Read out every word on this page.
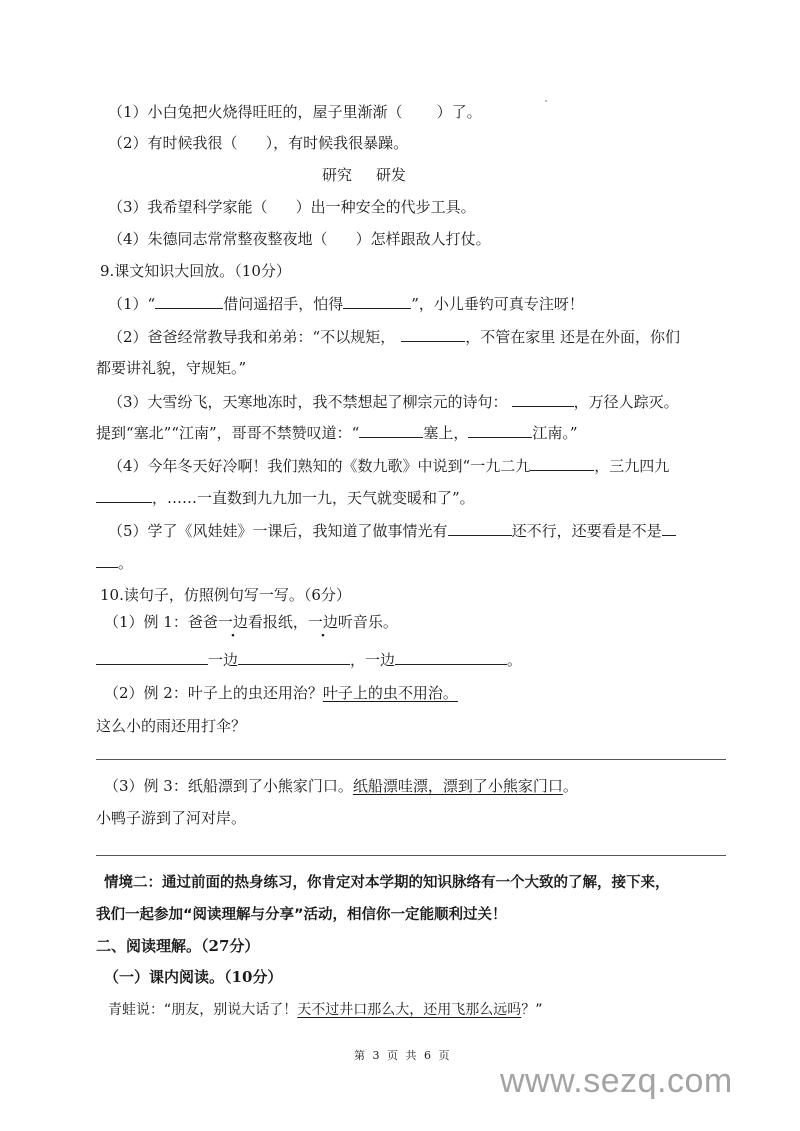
（1）小白兔把火烧得旺旺的，屋子里渐渐（ ）了。
（2）有时候我很（ ），有时候我很暴躁。
研究 研发
（3）我希望科学家能（ ）出一种安全的代步工具。
（4）朱德同志常常整夜整夜地（ ）怎样跟敌人打仗。
9.课文知识大回放。（10分）
（1）“	借问遥招手，怕得	”，小儿垂钓可真专注呀！
（2）爸爸经常教导我和弟弟：“不以规矩，	，不管在家里 还是在外面，你们
都要讲礼貌，守规矩。”
（3）大雪纷飞，天寒地冻时，我不禁想起了柳宗元的诗句：	，万径人踪灭。
提到“塞北”“江南”，哥哥不禁赞叹道：“	塞上，	江南。”
（4）今年冬天好冷啊！我们熟知的《数九歌》中说到“一九二九	，三九四九
，……一直数到九九加一九，天气就变暖和了”。
（5）学了《风娃娃》一课后，我知道了做事情光有	还不行，还要看是不是
。
10.读句子，仿照例句写一写。（6分）
（1）例 1：爸爸一边看报纸，一边听音乐。
一边	，一边	。
（2）例 2：叶子上的虫还用治？叶子上的虫不用治。
这么小的雨还用打伞？
（3）例 3：纸船漂到了小熊家门口。纸船漂哇漂，漂到了小熊家门口。
小鸭子游到了河对岸。
情境二：通过前面的热身练习，你肯定对本学期的知识脉络有一个大致的了解，接下来，
我们一起参加“阅读理解与分享”活动，相信你一定能顺利过关！
二、阅读理解。（27分）
（一）课内阅读。（10分）
青蛙说：“朋友，别说大话了！天不过井口那么大，还用飞那么远吗？”
第 3 页 共 6 页
www.sezq.com
